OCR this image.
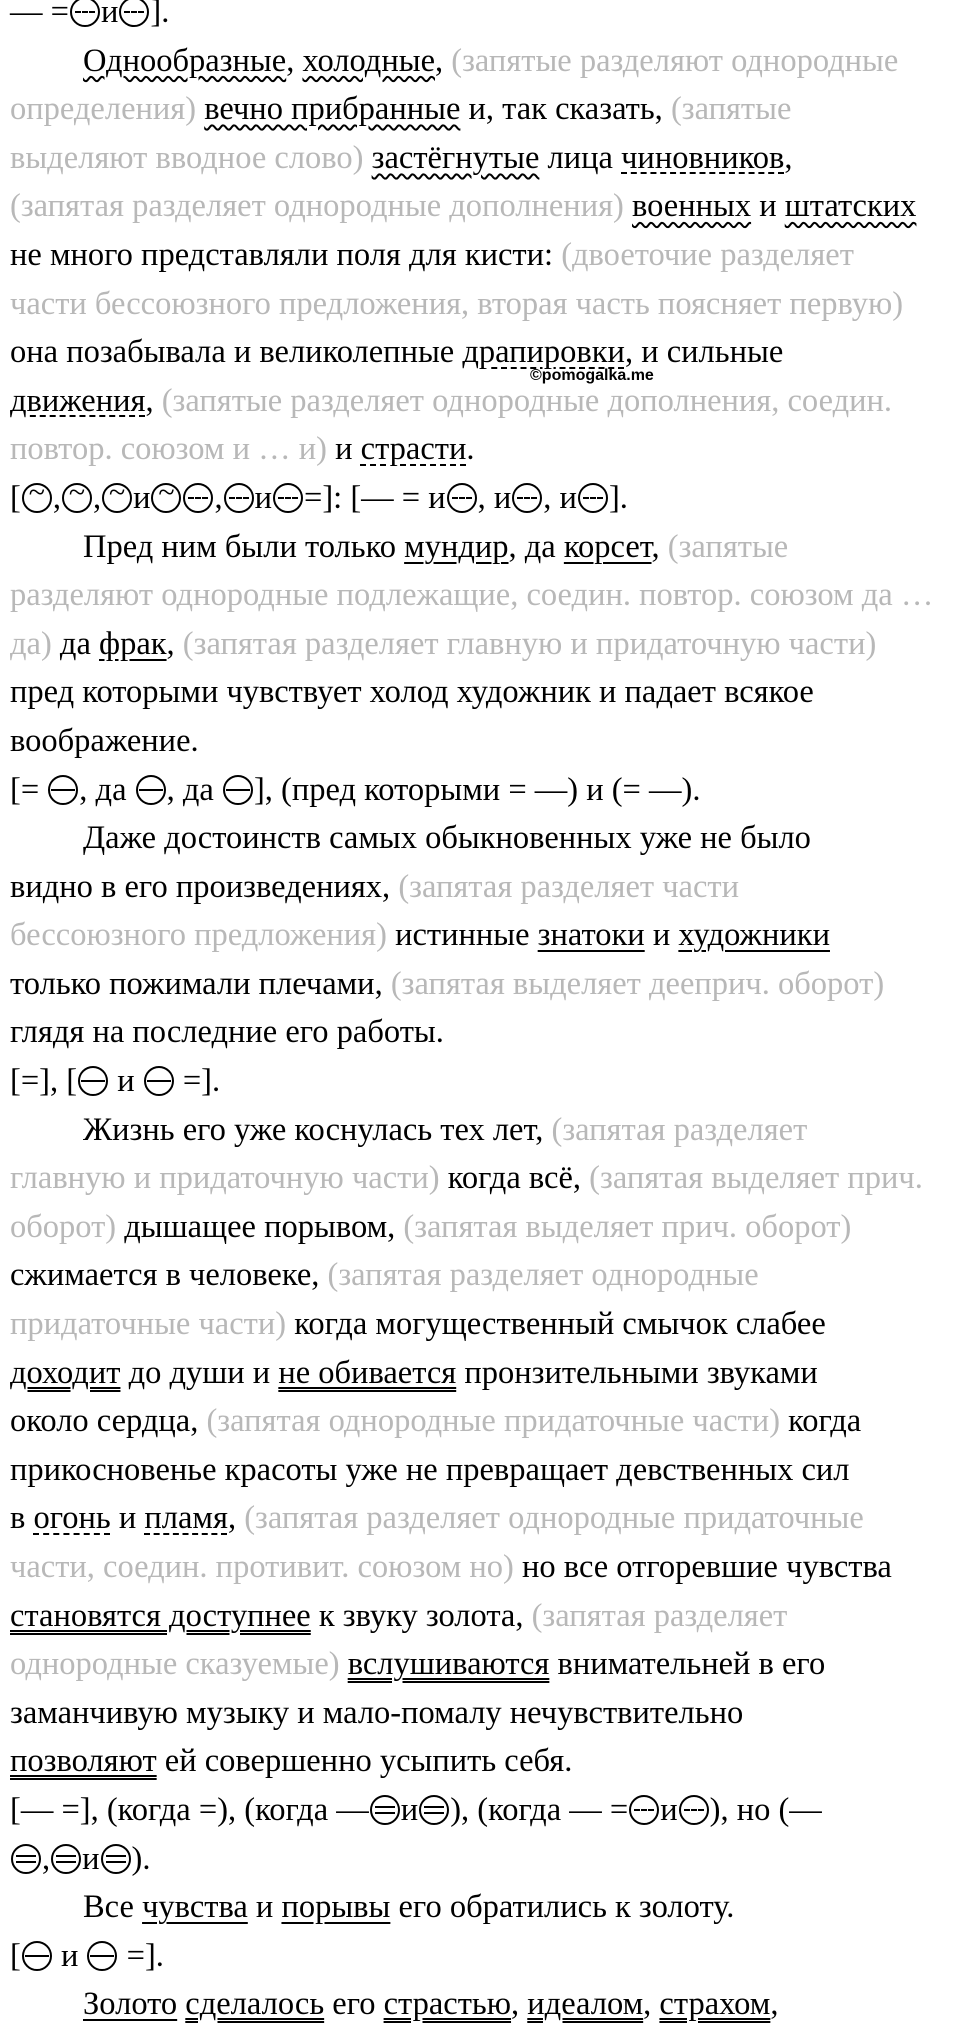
©pomogalka.me
— = и ].
Однообразные, холодные, (запятые разделяют однородные
определения) вечно прибранные и, так сказать, (запятые
выделяют вводное слово) застёгнутые лица чиновников,
(запятая разделяет однородные дополнения) военных и штатских
не много представляли поля для кисти: (двоеточие разделяет
части бессоюзного предложения, вторая часть поясняет первую)
она позабывала и великолепные драпировки, и сильные
движения, (запятые разделяет однородные дополнения, соедин.
повтор. союзом и … и) и страсти.
[ ~ , ~ , ~ и ~ , и =]: [— = и , и , и ].
Пред ним были только мундир, да корсет, (запятые
разделяют однородные подлежащие, соедин. повтор. союзом да …
да) да фрак, (запятая разделяет главную и придаточную части)
пред которыми чувствует холод художник и падает всякое
воображение.
[= , да , да ], (пред которыми = —) и (= —).
Даже достоинств самых обыкновенных уже не было
видно в его произведениях, (запятая разделяет части
бессоюзного предложения) истинные знатоки и художники
только пожимали плечами, (запятая выделяет дееприч. оборот)
глядя на последние его работы.
[=], [ и  =].
Жизнь его уже коснулась тех лет, (запятая разделяет
главную и придаточную части) когда всё, (запятая выделяет прич.
оборот) дышащее порывом, (запятая выделяет прич. оборот)
сжимается в человеке, (запятая разделяет однородные
придаточные части) когда могущественный смычок слабее
доходит до души и не обивается пронзительными звуками
около сердца, (запятая однородные придаточные части) когда
прикосновенье красоты уже не превращает девственных сил
в огонь и пламя, (запятая разделяет однородные придаточные
части, соедин. противит. союзом но) но все отгоревшие чувства
становятся доступнее к звуку золота, (запятая разделяет
однородные сказуемые) вслушиваются внимательней в его
заманчивую музыку и мало-помалу нечувствительно
позволяют ей совершенно усыпить себя.
[— =], (когда =), (когда — и ), (когда — = и ), но (—
, и ).
Все чувства и порывы его обратились к золоту.
[ и  =].
Золото сделалось его страстью, идеалом, страхом,
